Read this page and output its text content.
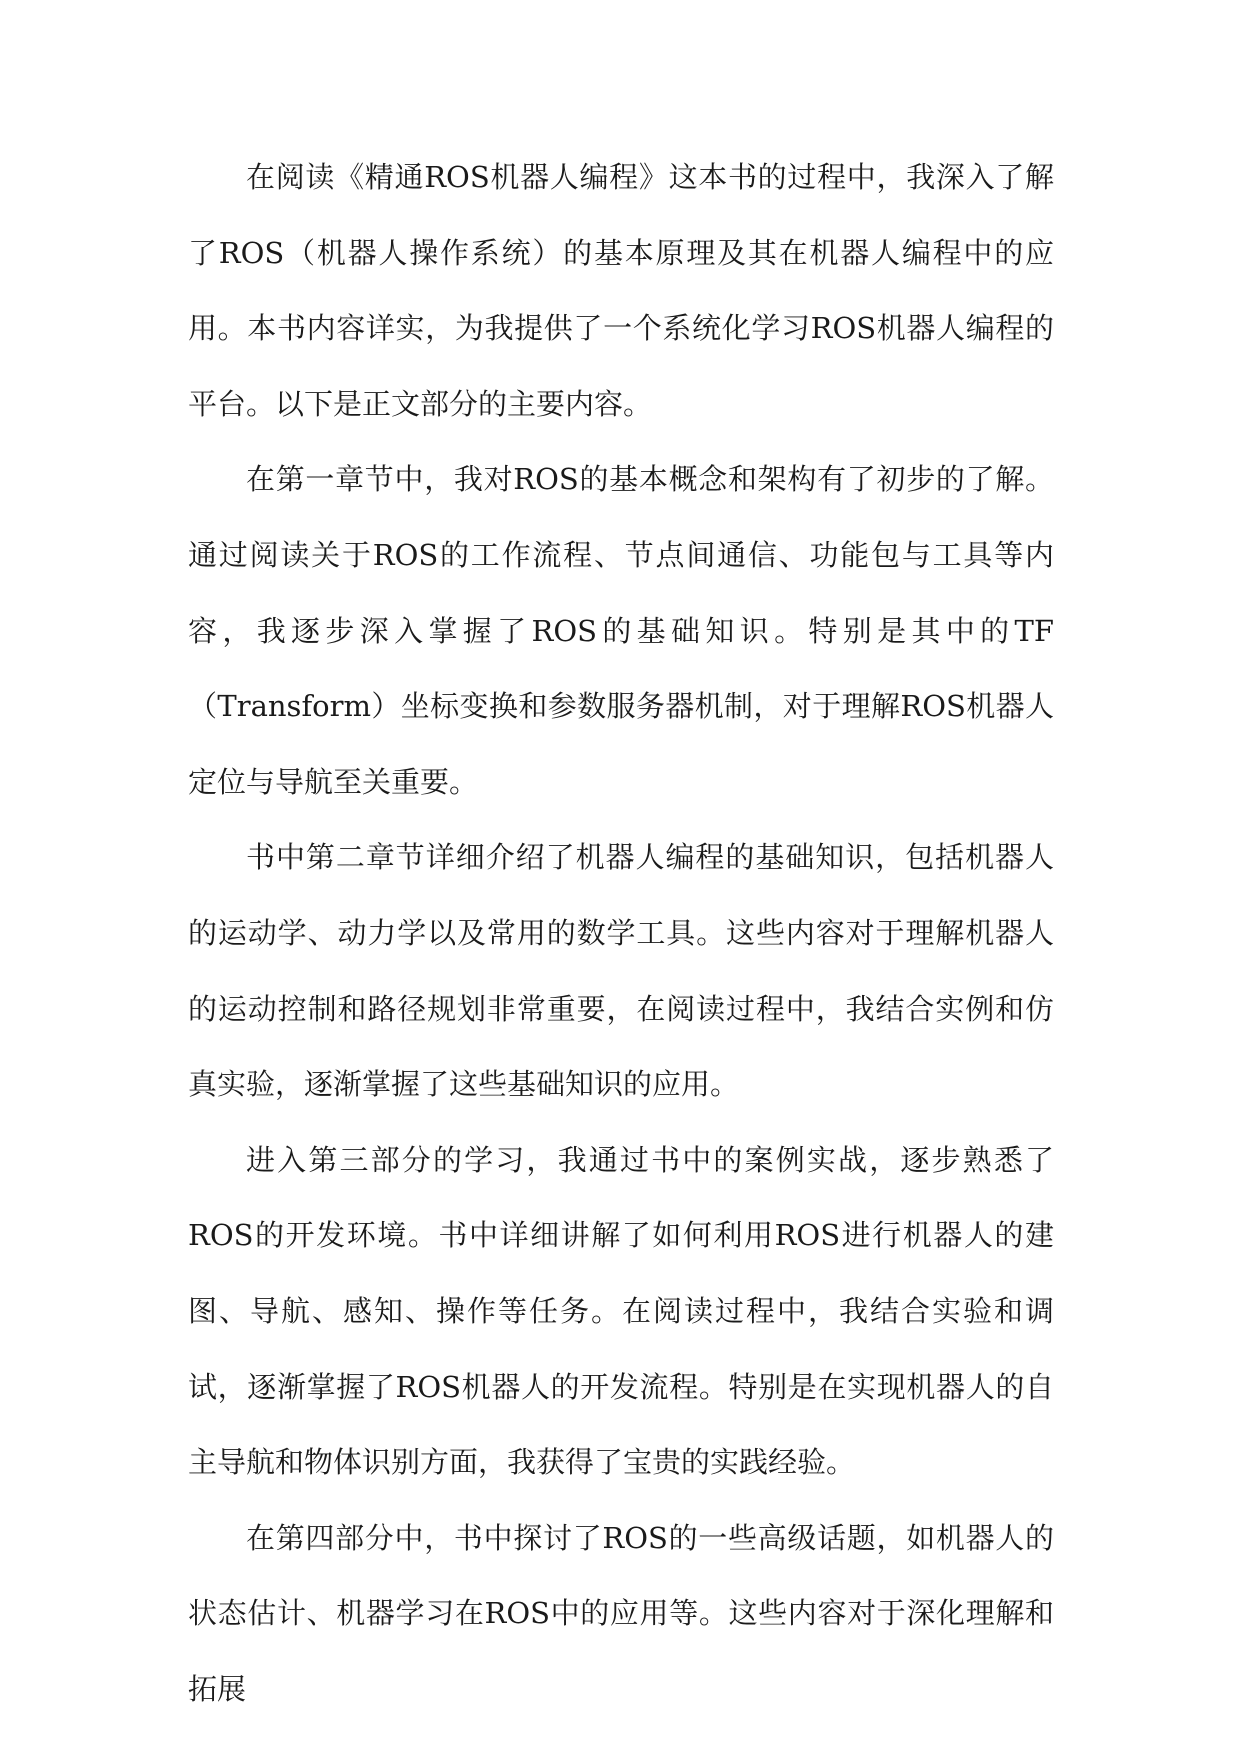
在阅读《精通ROS机器人编程》这本书的过程中，我深入了解了ROS（机器人操作系统）的基本原理及其在机器人编程中的应用。本书内容详实，为我提供了一个系统化学习ROS机器人编程的平台。以下是正文部分的主要内容。

在第一章节中，我对ROS的基本概念和架构有了初步的了解。通过阅读关于ROS的工作流程、节点间通信、功能包与工具等内容，我逐步深入掌握了ROS的基础知识。特别是其中的TF（Transform）坐标变换和参数服务器机制，对于理解ROS机器人定位与导航至关重要。

书中第二章节详细介绍了机器人编程的基础知识，包括机器人的运动学、动力学以及常用的数学工具。这些内容对于理解机器人的运动控制和路径规划非常重要，在阅读过程中，我结合实例和仿真实验，逐渐掌握了这些基础知识的应用。

进入第三部分的学习，我通过书中的案例实战，逐步熟悉了ROS的开发环境。书中详细讲解了如何利用ROS进行机器人的建图、导航、感知、操作等任务。在阅读过程中，我结合实验和调试，逐渐掌握了ROS机器人的开发流程。特别是在实现机器人的自主导航和物体识别方面，我获得了宝贵的实践经验。

在第四部分中，书中探讨了ROS的一些高级话题，如机器人的状态估计、机器学习在ROS中的应用等。这些内容对于深化理解和拓展
